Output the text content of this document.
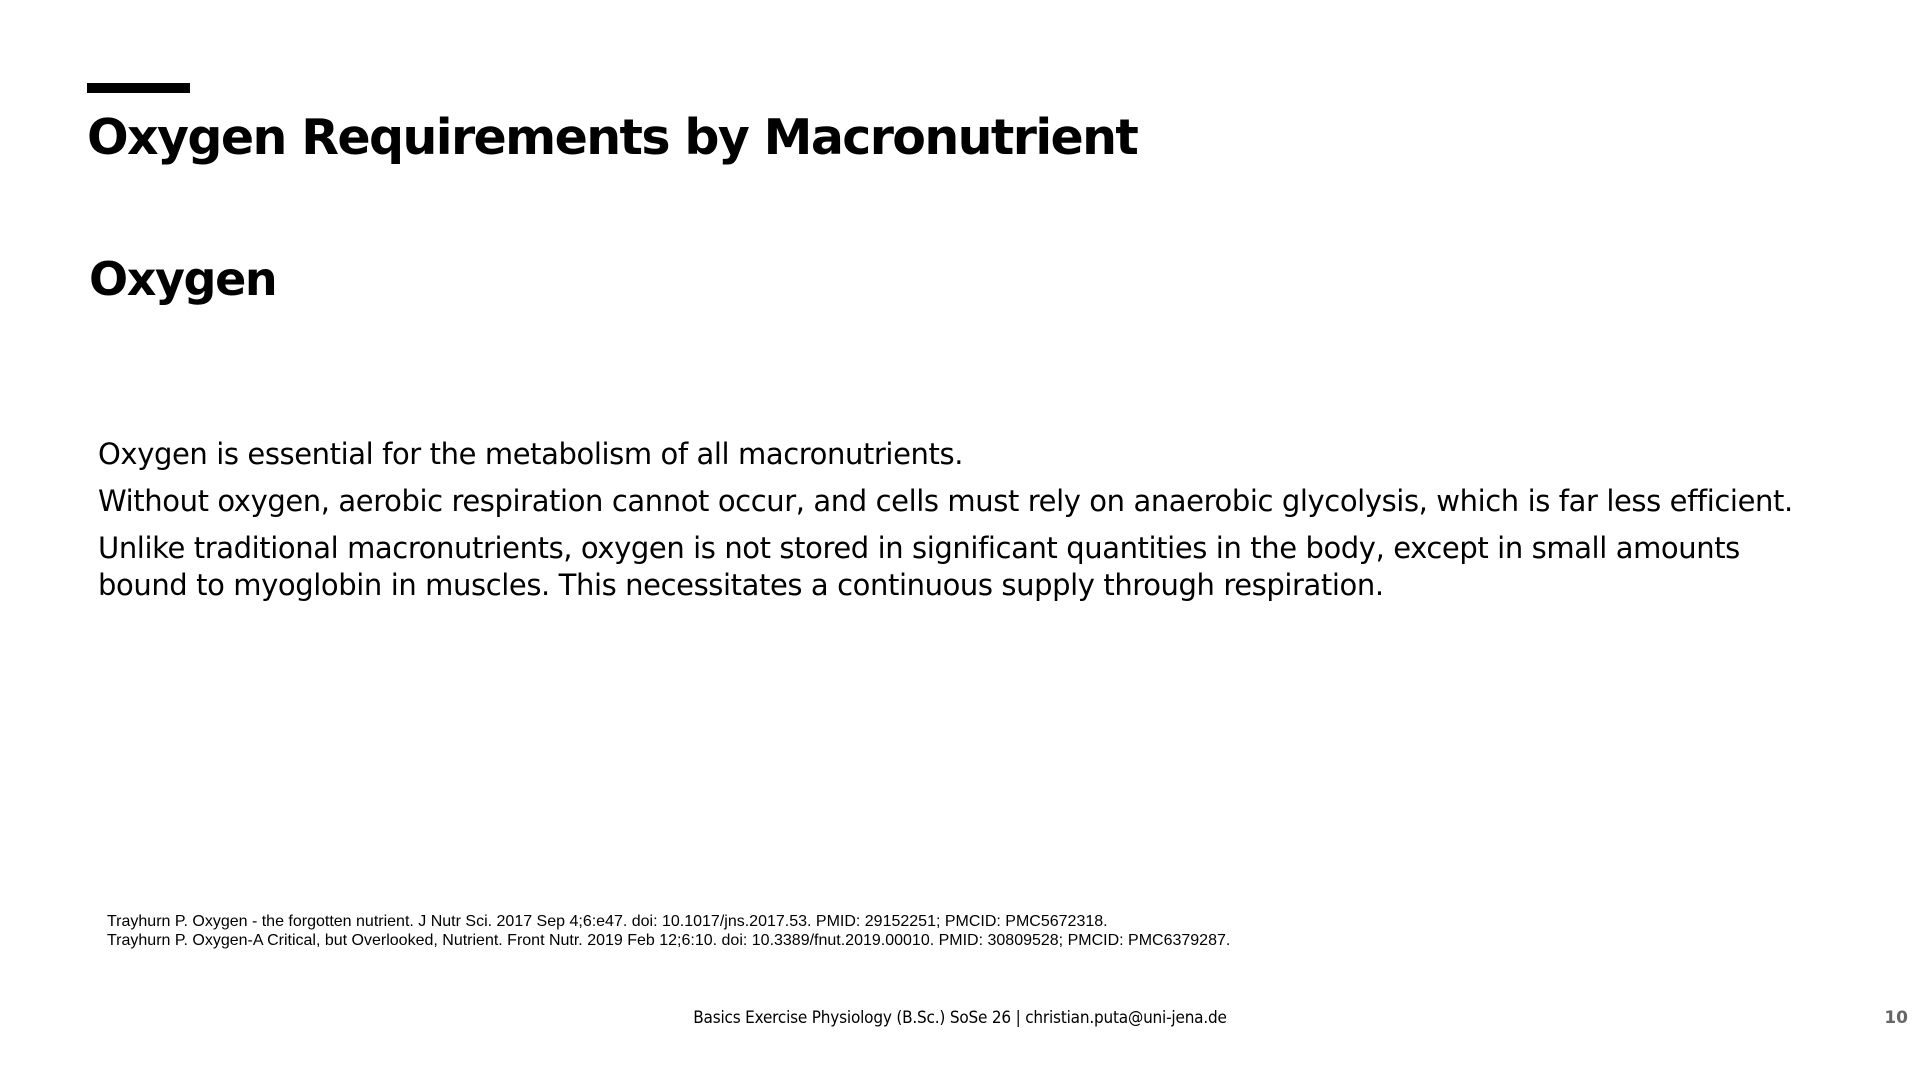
Oxygen Requirements by Macronutrient
Oxygen

Oxygen is essential for the metabolism of all macronutrients.

Without oxygen, aerobic respiration cannot occur, and cells must rely on anaerobic glycolysis, which is far less efficient.

Unlike traditional macronutrients, oxygen is not stored in significant quantities in the body, except in small amounts bound to myoglobin in muscles. This necessitates a continuous supply through respiration.

Trayhurn P. Oxygen - the forgotten nutrient. J Nutr Sci. 2017 Sep 4;6:e47. doi: 10.1017/jns.2017.53. PMID: 29152251; PMCID: PMC5672318.
Trayhurn P. Oxygen-A Critical, but Overlooked, Nutrient. Front Nutr. 2019 Feb 12;6:10. doi: 10.3389/fnut.2019.00010. PMID: 30809528; PMCID: PMC6379287.
Basics Exercise Physiology (B.Sc.) SoSe 26 | christian.puta@uni-jena.de	10
